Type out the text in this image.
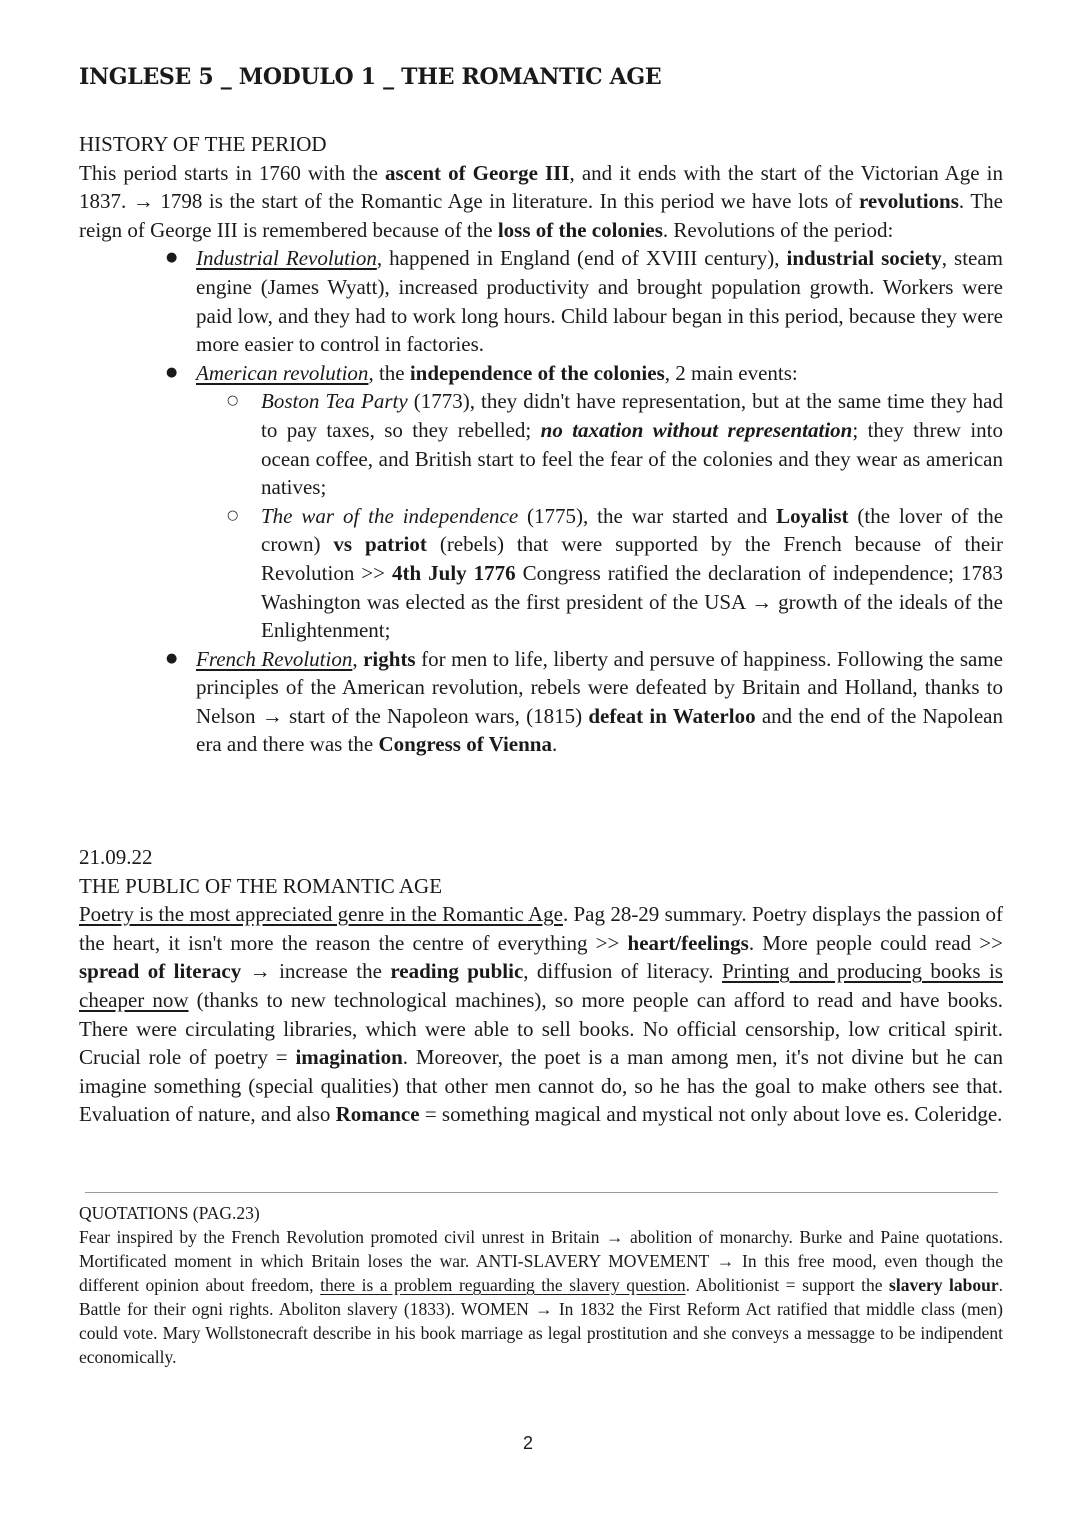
INGLESE 5 _ MODULO 1 _ THE ROMANTIC AGE
HISTORY OF THE PERIOD

This period starts in 1760 with the ascent of George III, and it ends with the start of the Victorian Age in 1837. → 1798 is the start of the Romantic Age in literature. In this period we have lots of revolutions. The reign of George III is remembered because of the loss of the colonies. Revolutions of the period:

● Industrial Revolution, happened in England (end of XVIII century), industrial society, steam engine (James Wyatt), increased productivity and brought population growth. Workers were paid low, and they had to work long hours. Child labour began in this period, because they were more easier to control in factories.
● American revolution, the independence of the colonies, 2 main events:
○ Boston Tea Party (1773), they didn't have representation, but at the same time they had to pay taxes, so they rebelled; no taxation without representation; they threw into ocean coffee, and British start to feel the fear of the colonies and they wear as american natives;
○ The war of the independence (1775), the war started and Loyalist (the lover of the crown) vs patriot (rebels) that were supported by the French because of their Revolution >> 4th July 1776 Congress ratified the declaration of independence; 1783 Washington was elected as the first president of the USA → growth of the ideals of the Enlightenment;
● French Revolution, rights for men to life, liberty and persuve of happiness. Following the same principles of the American revolution, rebels were defeated by Britain and Holland, thanks to Nelson → start of the Napoleon wars, (1815) defeat in Waterloo and the end of the Napolean era and there was the Congress of Vienna.
21.09.22
THE PUBLIC OF THE ROMANTIC AGE

Poetry is the most appreciated genre in the Romantic Age. Pag 28-29 summary. Poetry displays the passion of the heart, it isn't more the reason the centre of everything >> heart/feelings. More people could read >> spread of literacy → increase the reading public, diffusion of literacy. Printing and producing books is cheaper now (thanks to new technological machines), so more people can afford to read and have books. There were circulating libraries, which were able to sell books. No official censorship, low critical spirit. Crucial role of poetry = imagination. Moreover, the poet is a man among men, it's not divine but he can imagine something (special qualities) that other men cannot do, so he has the goal to make others see that. Evaluation of nature, and also Romance = something magical and mystical not only about love es. Coleridge.

QUOTATIONS (PAG.23)

Fear inspired by the French Revolution promoted civil unrest in Britain → abolition of monarchy. Burke and Paine quotations. Mortificated moment in which Britain loses the war. ANTI-SLAVERY MOVEMENT → In this free mood, even though the different opinion about freedom, there is a problem reguarding the slavery question. Abolitionist = support the slavery labour. Battle for their ogni rights. Aboliton slavery (1833). WOMEN → In 1832 the First Reform Act ratified that middle class (men) could vote. Mary Wollstonecraft describe in his book marriage as legal prostitution and she conveys a messagge to be indipendent economically.

2
